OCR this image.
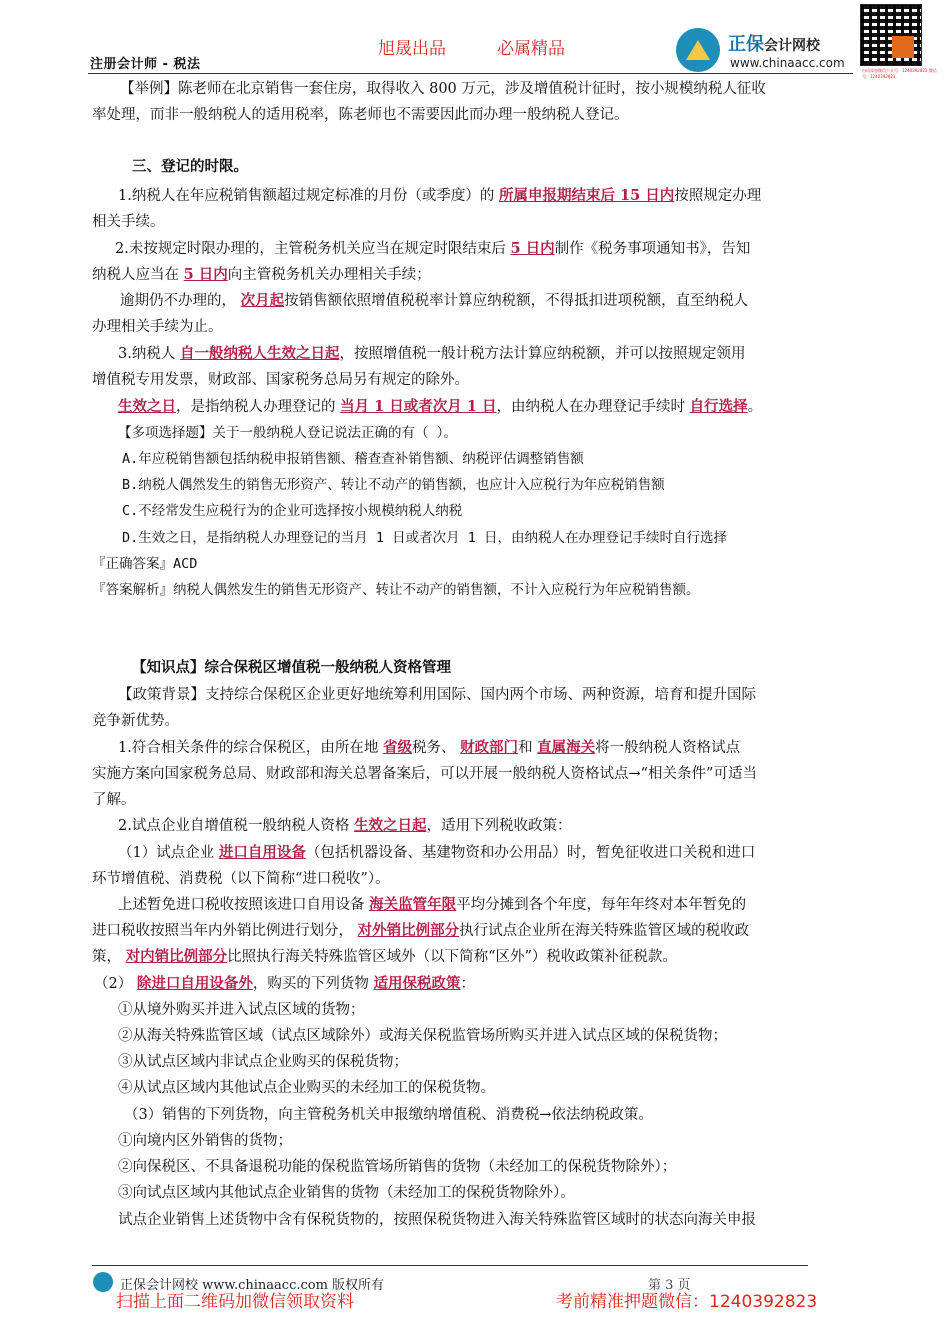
旭晟出品	必属精品
注册会计师 - 税法
正保会计网校
www.chinaacc.com
扫码添加微信公众号：1240392823 微信号：1240392823
【举例】陈老师在北京销售一套住房，取得收入 800 万元，涉及增值税计征时，按小规模纳税人征收
率处理，而非一般纳税人的适用税率，陈老师也不需要因此而办理一般纳税人登记。
三、登记的时限。
1.纳税人在年应税销售额超过规定标准的月份（或季度）的 所属申报期结束后 15 日内按照规定办理
相关手续。
2.未按规定时限办理的，主管税务机关应当在规定时限结束后 5 日内制作《税务事项通知书》，告知
纳税人应当在 5 日内向主管税务机关办理相关手续；
逾期仍不办理的， 次月起按销售额依照增值税税率计算应纳税额，不得抵扣进项税额，直至纳税人
办理相关手续为止。
3.纳税人 自一般纳税人生效之日起，按照增值税一般计税方法计算应纳税额，并可以按照规定领用
增值税专用发票，财政部、国家税务总局另有规定的除外。
生效之日，是指纳税人办理登记的 当月 1 日或者次月 1 日，由纳税人在办理登记手续时 自行选择。
【多项选择题】关于一般纳税人登记说法正确的有（ ）。
A.年应税销售额包括纳税申报销售额、稽查查补销售额、纳税评估调整销售额
B.纳税人偶然发生的销售无形资产、转让不动产的销售额，也应计入应税行为年应税销售额
C.不经常发生应税行为的企业可选择按小规模纳税人纳税
D.生效之日，是指纳税人办理登记的当月 1 日或者次月 1 日，由纳税人在办理登记手续时自行选择
『正确答案』ACD
『答案解析』纳税人偶然发生的销售无形资产、转让不动产的销售额，不计入应税行为年应税销售额。
【知识点】综合保税区增值税一般纳税人资格管理
【政策背景】支持综合保税区企业更好地统筹利用国际、国内两个市场、两种资源，培育和提升国际
竞争新优势。
1.符合相关条件的综合保税区，由所在地 省级税务、 财政部门和 直属海关将一般纳税人资格试点
实施方案向国家税务总局、财政部和海关总署备案后，可以开展一般纳税人资格试点→“相关条件”可适当
了解。
2.试点企业自增值税一般纳税人资格 生效之日起，适用下列税收政策：
（1）试点企业 进口自用设备（包括机器设备、基建物资和办公用品）时，暂免征收进口关税和进口
环节增值税、消费税（以下简称“进口税收”）。
上述暂免进口税收按照该进口自用设备 海关监管年限平均分摊到各个年度，每年年终对本年暂免的
进口税收按照当年内外销比例进行划分， 对外销比例部分执行试点企业所在海关特殊监管区域的税收政
策， 对内销比例部分比照执行海关特殊监管区域外（以下简称“区外”）税收政策补征税款。
（2） 除进口自用设备外，购买的下列货物 适用保税政策：
①从境外购买并进入试点区域的货物；
②从海关特殊监管区域（试点区域除外）或海关保税监管场所购买并进入试点区域的保税货物；
③从试点区域内非试点企业购买的保税货物；
④从试点区域内其他试点企业购买的未经加工的保税货物。
（3）销售的下列货物，向主管税务机关申报缴纳增值税、消费税→依法纳税政策。
①向境内区外销售的货物；
②向保税区、不具备退税功能的保税监管场所销售的货物（未经加工的保税货物除外）；
③向试点区域内其他试点企业销售的货物（未经加工的保税货物除外）。
试点企业销售上述货物中含有保税货物的，按照保税货物进入海关特殊监管区域时的状态向海关申报
正保会计网校 www.chinaacc.com 版权所有	第 3 页
扫描上面二维码加微信领取资料	考前精准押题微信：1240392823
